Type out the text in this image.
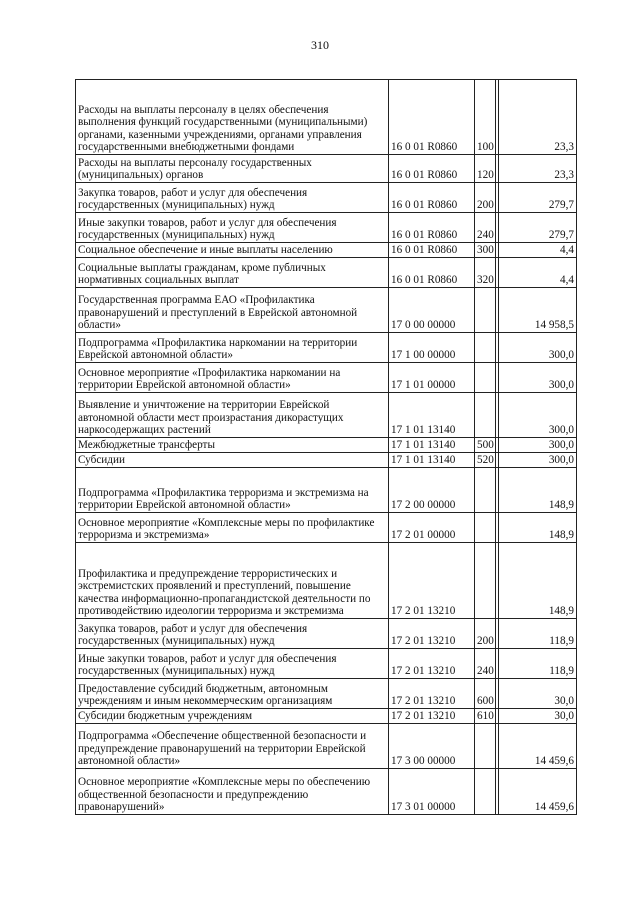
310
Расходы на выплаты персоналу в целях обеспечения выполнения функций государственными (муниципальными) органами, казенными учреждениями, органами управления государственными внебюджетными фондами	16 0 01 R0860	100		23,3
Расходы на выплаты персоналу государственных (муниципальных) органов	16 0 01 R0860	120		23,3
Закупка товаров, работ и услуг для обеспечения государственных (муниципальных) нужд	16 0 01 R0860	200		279,7
Иные закупки товаров, работ и услуг для обеспечения государственных (муниципальных) нужд	16 0 01 R0860	240		279,7
Социальное обеспечение и иные выплаты населению	16 0 01 R0860	300		4,4
Социальные выплаты гражданам, кроме публичных нормативных социальных выплат	16 0 01 R0860	320		4,4
Государственная программа ЕАО «Профилактика правонарушений и преступлений в Еврейской автономной области»	17 0 00 00000			14 958,5
Подпрограмма «Профилактика наркомании на территории Еврейской автономной области»	17 1 00 00000			300,0
Основное мероприятие «Профилактика наркомании на территории Еврейской автономной области»	17 1 01 00000			300,0
Выявление и уничтожение на территории Еврейской автономной области мест произрастания дикорастущих наркосодержащих растений	17 1 01 13140			300,0
Межбюджетные трансферты	17 1 01 13140	500		300,0
Субсидии	17 1 01 13140	520		300,0
Подпрограмма «Профилактика терроризма и экстремизма на территории Еврейской автономной области»	17 2 00 00000			148,9
Основное мероприятие «Комплексные меры по профилактике терроризма и экстремизма»	17 2 01 00000			148,9
Профилактика и предупреждение террористических и экстремистских проявлений и преступлений, повышение качества информационно-пропагандистской деятельности по противодействию идеологии терроризма и экстремизма	17 2 01 13210			148,9
Закупка товаров, работ и услуг для обеспечения государственных (муниципальных) нужд	17 2 01 13210	200		118,9
Иные закупки товаров, работ и услуг для обеспечения государственных (муниципальных) нужд	17 2 01 13210	240		118,9
Предоставление субсидий бюджетным, автономным учреждениям и иным некоммерческим организациям	17 2 01 13210	600		30,0
Субсидии бюджетным учреждениям	17 2 01 13210	610		30,0
Подпрограмма «Обеспечение общественной безопасности и предупреждение правонарушений на территории Еврейской автономной области»	17 3 00 00000			14 459,6
Основное мероприятие «Комплексные меры по обеспечению общественной безопасности и предупреждению правонарушений»	17 3 01 00000			14 459,6
